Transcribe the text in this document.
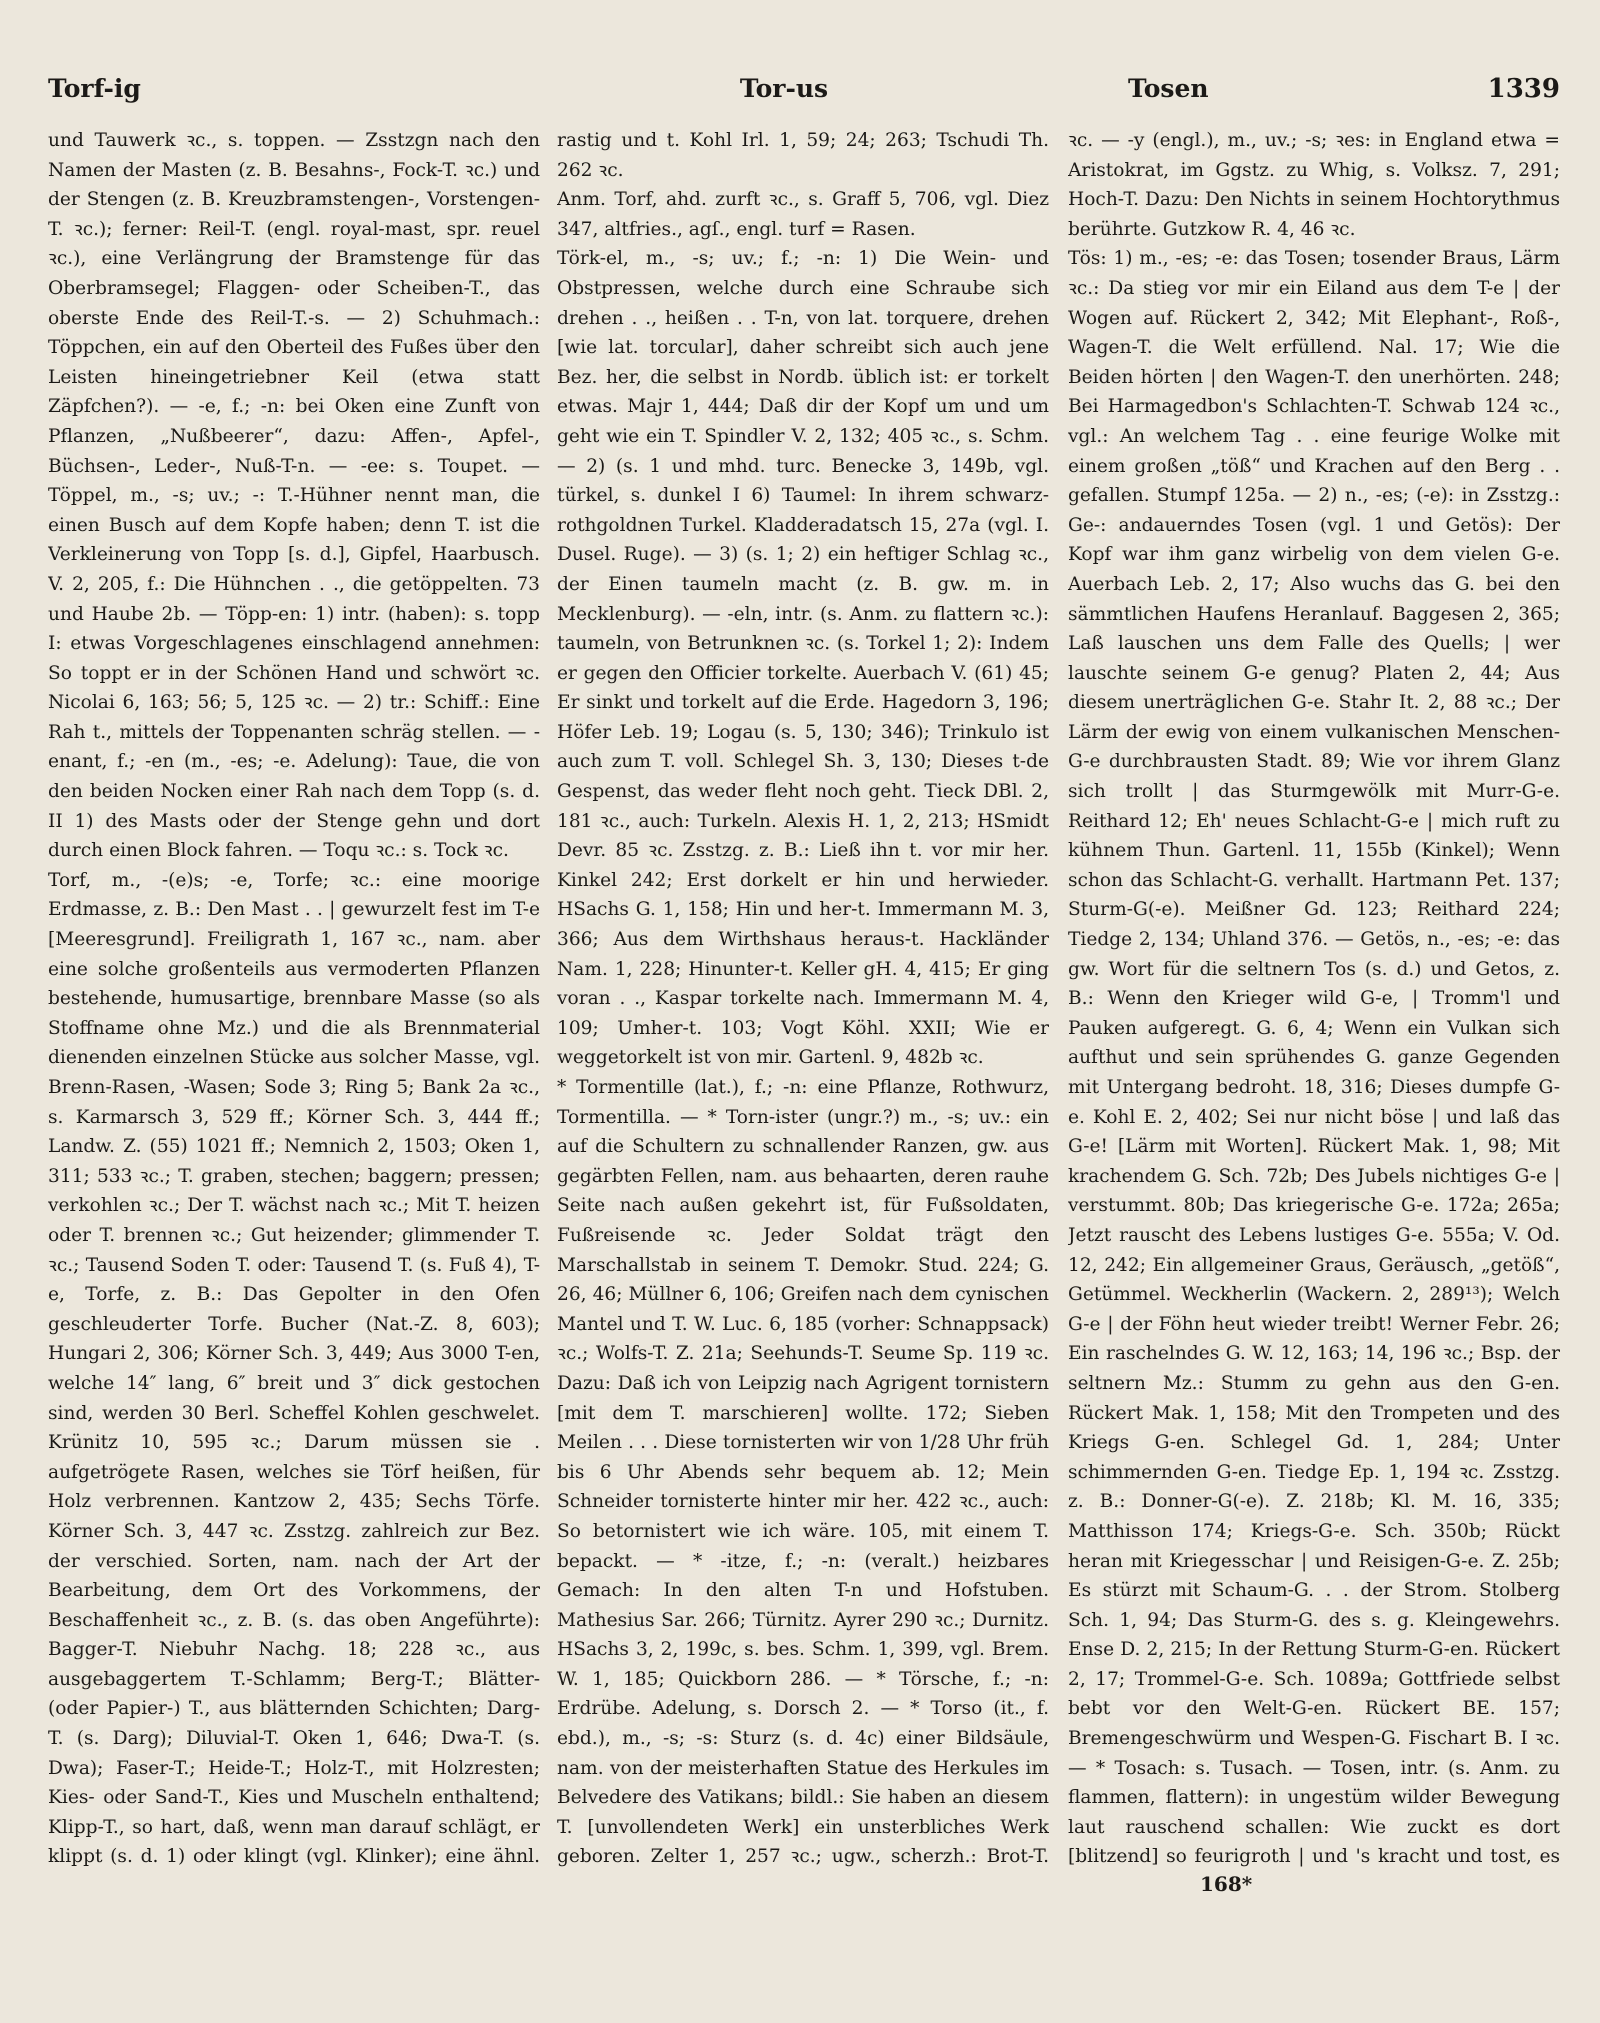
Torf-ig	Tor-us	Tosen	1339

und Tauwerk ꝛc., s. toppen. — Zsstzgn nach den Namen der Masten (z. B. Besahns-, Fock-T. ꝛc.) und der Stengen (z. B. Kreuzbramstengen-, Vorstengen-T. ꝛc.); ferner: Reil-T. (engl. royal-mast, spr. reuel ꝛc.), eine Verlängrung der Bramstenge für das Oberbramsegel; Flaggen- oder Scheiben-T., das oberste Ende des Reil-T.-s. — 2) Schuhmach.: Töppchen, ein auf den Oberteil des Fußes über den Leisten hineingetriebner Keil (etwa statt Zäpfchen?). — -e, f.; -n: bei Oken eine Zunft von Pflanzen, „Nußbeerer“, dazu: Affen-, Apfel-, Büchsen-, Leder-, Nuß-T-n. — -ee: s. Toupet. — Töppel, m., -s; uv.; -: T.-Hühner nennt man, die einen Busch auf dem Kopfe haben; denn T. ist die Verkleinerung von Topp [s. d.], Gipfel, Haarbusch. V. 2, 205, f.: Die Hühnchen . ., die getöppelten. 73 und Haube 2b. — Töpp-en: 1) intr. (haben): s. topp I: etwas Vorgeschlagenes einschlagend annehmen: So toppt er in der Schönen Hand und schwört ꝛc. Nicolai 6, 163; 56; 5, 125 ꝛc. — 2) tr.: Schiff.: Eine Rah t., mittels der Toppenanten schräg stellen. — -enant, f.; -en (m., -es; -e. Adelung): Taue, die von den beiden Nocken einer Rah nach dem Topp (s. d. II 1) des Masts oder der Stenge gehn und dort durch einen Block fahren. — Toqu ꝛc.: s. Tock ꝛc.

Torf, m., -(e)s; -e, Torfe; ꝛc.: eine moorige Erdmasse, z. B.: Den Mast . . | gewurzelt fest im T-e [Meeresgrund]. Freiligrath 1, 167 ꝛc., nam. aber eine solche großenteils aus vermoderten Pflanzen bestehende, humusartige, brennbare Masse (so als Stoffname ohne Mz.) und die als Brennmaterial dienenden einzelnen Stücke aus solcher Masse, vgl. Brenn-Rasen, -Wasen; Sode 3; Ring 5; Bank 2a ꝛc., s. Karmarsch 3, 529 ff.; Körner Sch. 3, 444 ff.; Landw. Z. (55) 1021 ff.; Nemnich 2, 1503; Oken 1, 311; 533 ꝛc.; T. graben, stechen; baggern; pressen; verkohlen ꝛc.; Der T. wächst nach ꝛc.; Mit T. heizen oder T. brennen ꝛc.; Gut heizender; glimmender T. ꝛc.; Tausend Soden T. oder: Tausend T. (s. Fuß 4), T-e, Torfe, z. B.: Das Gepolter in den Ofen geschleuderter Torfe. Bucher (Nat.-Z. 8, 603); Hungari 2, 306; Körner Sch. 3, 449; Aus 3000 T-en, welche 14″ lang, 6″ breit und 3″ dick gestochen sind, werden 30 Berl. Scheffel Kohlen geschwelet. Krünitz 10, 595 ꝛc.; Darum müssen sie . aufgetrögete Rasen, welches sie Törf heißen, für Holz verbrennen. Kantzow 2, 435; Sechs Törfe. Körner Sch. 3, 447 ꝛc. Zsstzg. zahlreich zur Bez. der verschied. Sorten, nam. nach der Art der Bearbeitung, dem Ort des Vorkommens, der Beschaffenheit ꝛc., z. B. (s. das oben Angeführte): Bagger-T. Niebuhr Nachg. 18; 228 ꝛc., aus ausgebaggertem T.-Schlamm; Berg-T.; Blätter- (oder Papier-) T., aus blätternden Schichten; Darg-T. (s. Darg); Diluvial-T. Oken 1, 646; Dwa-T. (s. Dwa); Faser-T.; Heide-T.; Holz-T., mit Holzresten; Kies- oder Sand-T., Kies und Muscheln enthaltend; Klipp-T., so hart, daß, wenn man darauf schlägt, er klippt (s. d. 1) oder klingt (vgl. Klinker); eine ähnl.

rastig und t. Kohl Irl. 1, 59; 24; 263; Tschudi Th. 262 ꝛc.

Anm. Torf, ahd. zurft ꝛc., s. Graff 5, 706, vgl. Diez 347, altfries., agſ., engl. turf = Rasen.

Törk-el, m., -s; uv.; f.; -n: 1) Die Wein- und Obstpressen, welche durch eine Schraube sich drehen . ., heißen . . T-n, von lat. torquere, drehen [wie lat. torcular], daher schreibt sich auch jene Bez. her, die selbst in Nordb. üblich ist: er torkelt etwas. Majr 1, 444; Daß dir der Kopf um und um geht wie ein T. Spindler V. 2, 132; 405 ꝛc., s. Schm. — 2) (s. 1 und mhd. turc. Benecke 3, 149b, vgl. türkel, s. dunkel I 6) Taumel: In ihrem schwarz-rothgoldnen Turkel. Kladderadatsch 15, 27a (vgl. I. Dusel. Ruge). — 3) (s. 1; 2) ein heftiger Schlag ꝛc., der Einen taumeln macht (z. B. gw. m. in Mecklenburg). — -eln, intr. (s. Anm. zu flattern ꝛc.): taumeln, von Betrunknen ꝛc. (s. Torkel 1; 2): Indem er gegen den Officier torkelte. Auerbach V. (61) 45; Er sinkt und torkelt auf die Erde. Hagedorn 3, 196; Höfer Leb. 19; Logau (s. 5, 130; 346); Trinkulo ist auch zum T. voll. Schlegel Sh. 3, 130; Dieses t-de Gespenst, das weder fleht noch geht. Tieck DBl. 2, 181 ꝛc., auch: Turkeln. Alexis H. 1, 2, 213; HSmidt Devr. 85 ꝛc. Zsstzg. z. B.: Ließ ihn t. vor mir her. Kinkel 242; Erst dorkelt er hin und herwieder. HSachs G. 1, 158; Hin und her-t. Immermann M. 3, 366; Aus dem Wirthshaus heraus-t. Hackländer Nam. 1, 228; Hinunter-t. Keller gH. 4, 415; Er ging voran . ., Kaspar torkelte nach. Immermann M. 4, 109; Umher-t. 103; Vogt Köhl. XXII; Wie er weggetorkelt ist von mir. Gartenl. 9, 482b ꝛc.

* Tormentille (lat.), f.; -n: eine Pflanze, Rothwurz, Tormentilla. — * Torn-ister (ungr.?) m., -s; uv.: ein auf die Schultern zu schnallender Ranzen, gw. aus gegärbten Fellen, nam. aus behaarten, deren rauhe Seite nach außen gekehrt ist, für Fußsoldaten, Fußreisende ꝛc. Jeder Soldat trägt den Marschallstab in seinem T. Demokr. Stud. 224; G. 26, 46; Müllner 6, 106; Greifen nach dem cynischen Mantel und T. W. Luc. 6, 185 (vorher: Schnappsack) ꝛc.; Wolfs-T. Z. 21a; Seehunds-T. Seume Sp. 119 ꝛc. Dazu: Daß ich von Leipzig nach Agrigent tornistern [mit dem T. marschieren] wollte. 172; Sieben Meilen . . . Diese tornisterten wir von 1/28 Uhr früh bis 6 Uhr Abends sehr bequem ab. 12; Mein Schneider tornisterte hinter mir her. 422 ꝛc., auch: So betornistert wie ich wäre. 105, mit einem T. bepackt. — * -itze, f.; -n: (veralt.) heizbares Gemach: In den alten T-n und Hofstuben. Mathesius Sar. 266; Türnitz. Ayrer 290 ꝛc.; Durnitz. HSachs 3, 2, 199c, s. bes. Schm. 1, 399, vgl. Brem. W. 1, 185; Quickborn 286. — * Törsche, f.; -n: Erdrübe. Adelung, s. Dorsch 2. — * Torso (it., f. ebd.), m., -s; -s: Sturz (s. d. 4c) einer Bildsäule, nam. von der meisterhaften Statue des Herkules im Belvedere des Vatikans; bildl.: Sie haben an diesem T. [unvollendeten Werk] ein unsterbliches Werk geboren. Zelter 1, 257 ꝛc.; ugw., scherzh.: Brot-T.

ꝛc. — -y (engl.), m., uv.; -s; ꝛes: in England etwa = Aristokrat, im Ggstz. zu Whig, s. Volksz. 7, 291; Hoch-T. Dazu: Den Nichts in seinem Hochtorythmus berührte. Gutzkow R. 4, 46 ꝛc.

Tös: 1) m., -es; -e: das Tosen; tosender Braus, Lärm ꝛc.: Da stieg vor mir ein Eiland aus dem T-e | der Wogen auf. Rückert 2, 342; Mit Elephant-, Roß-, Wagen-T. die Welt erfüllend. Nal. 17; Wie die Beiden hörten | den Wagen-T. den unerhörten. 248; Bei Harmagedbon's Schlachten-T. Schwab 124 ꝛc., vgl.: An welchem Tag . . eine feurige Wolke mit einem großen „töß“ und Krachen auf den Berg . . gefallen. Stumpf 125a. — 2) n., -es; (-e): in Zsstzg.: Ge-: andauerndes Tosen (vgl. 1 und Getös): Der Kopf war ihm ganz wirbelig von dem vielen G-e. Auerbach Leb. 2, 17; Also wuchs das G. bei den sämmtlichen Haufens Heranlauf. Baggesen 2, 365; Laß lauschen uns dem Falle des Quells; | wer lauschte seinem G-e genug? Platen 2, 44; Aus diesem unerträglichen G-e. Stahr It. 2, 88 ꝛc.; Der Lärm der ewig von einem vulkanischen Menschen-G-e durchbrausten Stadt. 89; Wie vor ihrem Glanz sich trollt | das Sturmgewölk mit Murr-G-e. Reithard 12; Eh' neues Schlacht-G-e | mich ruft zu kühnem Thun. Gartenl. 11, 155b (Kinkel); Wenn schon das Schlacht-G. verhallt. Hartmann Pet. 137; Sturm-G(-e). Meißner Gd. 123; Reithard 224; Tiedge 2, 134; Uhland 376. — Getös, n., -es; -e: das gw. Wort für die seltnern Tos (s. d.) und Getos, z. B.: Wenn den Krieger wild G-e, | Tromm'l und Pauken aufgeregt. G. 6, 4; Wenn ein Vulkan sich aufthut und sein sprühendes G. ganze Gegenden mit Untergang bedroht. 18, 316; Dieses dumpfe G-e. Kohl E. 2, 402; Sei nur nicht böse | und laß das G-e! [Lärm mit Worten]. Rückert Mak. 1, 98; Mit krachendem G. Sch. 72b; Des Jubels nichtiges G-e | verstummt. 80b; Das kriegerische G-e. 172a; 265a; Jetzt rauscht des Lebens lustiges G-e. 555a; V. Od. 12, 242; Ein allgemeiner Graus, Geräusch, „getöß“, Getümmel. Weckherlin (Wackern. 2, 289¹³); Welch G-e | der Föhn heut wieder treibt! Werner Febr. 26; Ein raschelndes G. W. 12, 163; 14, 196 ꝛc.; Bsp. der seltnern Mz.: Stumm zu gehn aus den G-en. Rückert Mak. 1, 158; Mit den Trompeten und des Kriegs G-en. Schlegel Gd. 1, 284; Unter schimmernden G-en. Tiedge Ep. 1, 194 ꝛc. Zsstzg. z. B.: Donner-G(-e). Z. 218b; Kl. M. 16, 335; Matthisson 174; Kriegs-G-e. Sch. 350b; Rückt heran mit Kriegesschar | und Reisigen-G-e. Z. 25b; Es stürzt mit Schaum-G. . . der Strom. Stolberg Sch. 1, 94; Das Sturm-G. des s. g. Kleingewehrs. Ense D. 2, 215; In der Rettung Sturm-G-en. Rückert 2, 17; Trommel-G-e. Sch. 1089a; Gottfriede selbst bebt vor den Welt-G-en. Rückert BE. 157; Bremengeschwürm und Wespen-G. Fischart B. I ꝛc. — * Tosach: s. Tusach. — Tosen, intr. (s. Anm. zu flammen, flattern): in ungestüm wilder Bewegung laut rauschend schallen: Wie zuckt es dort [blitzend] so feurigroth | und 's kracht und tost, es

168*
